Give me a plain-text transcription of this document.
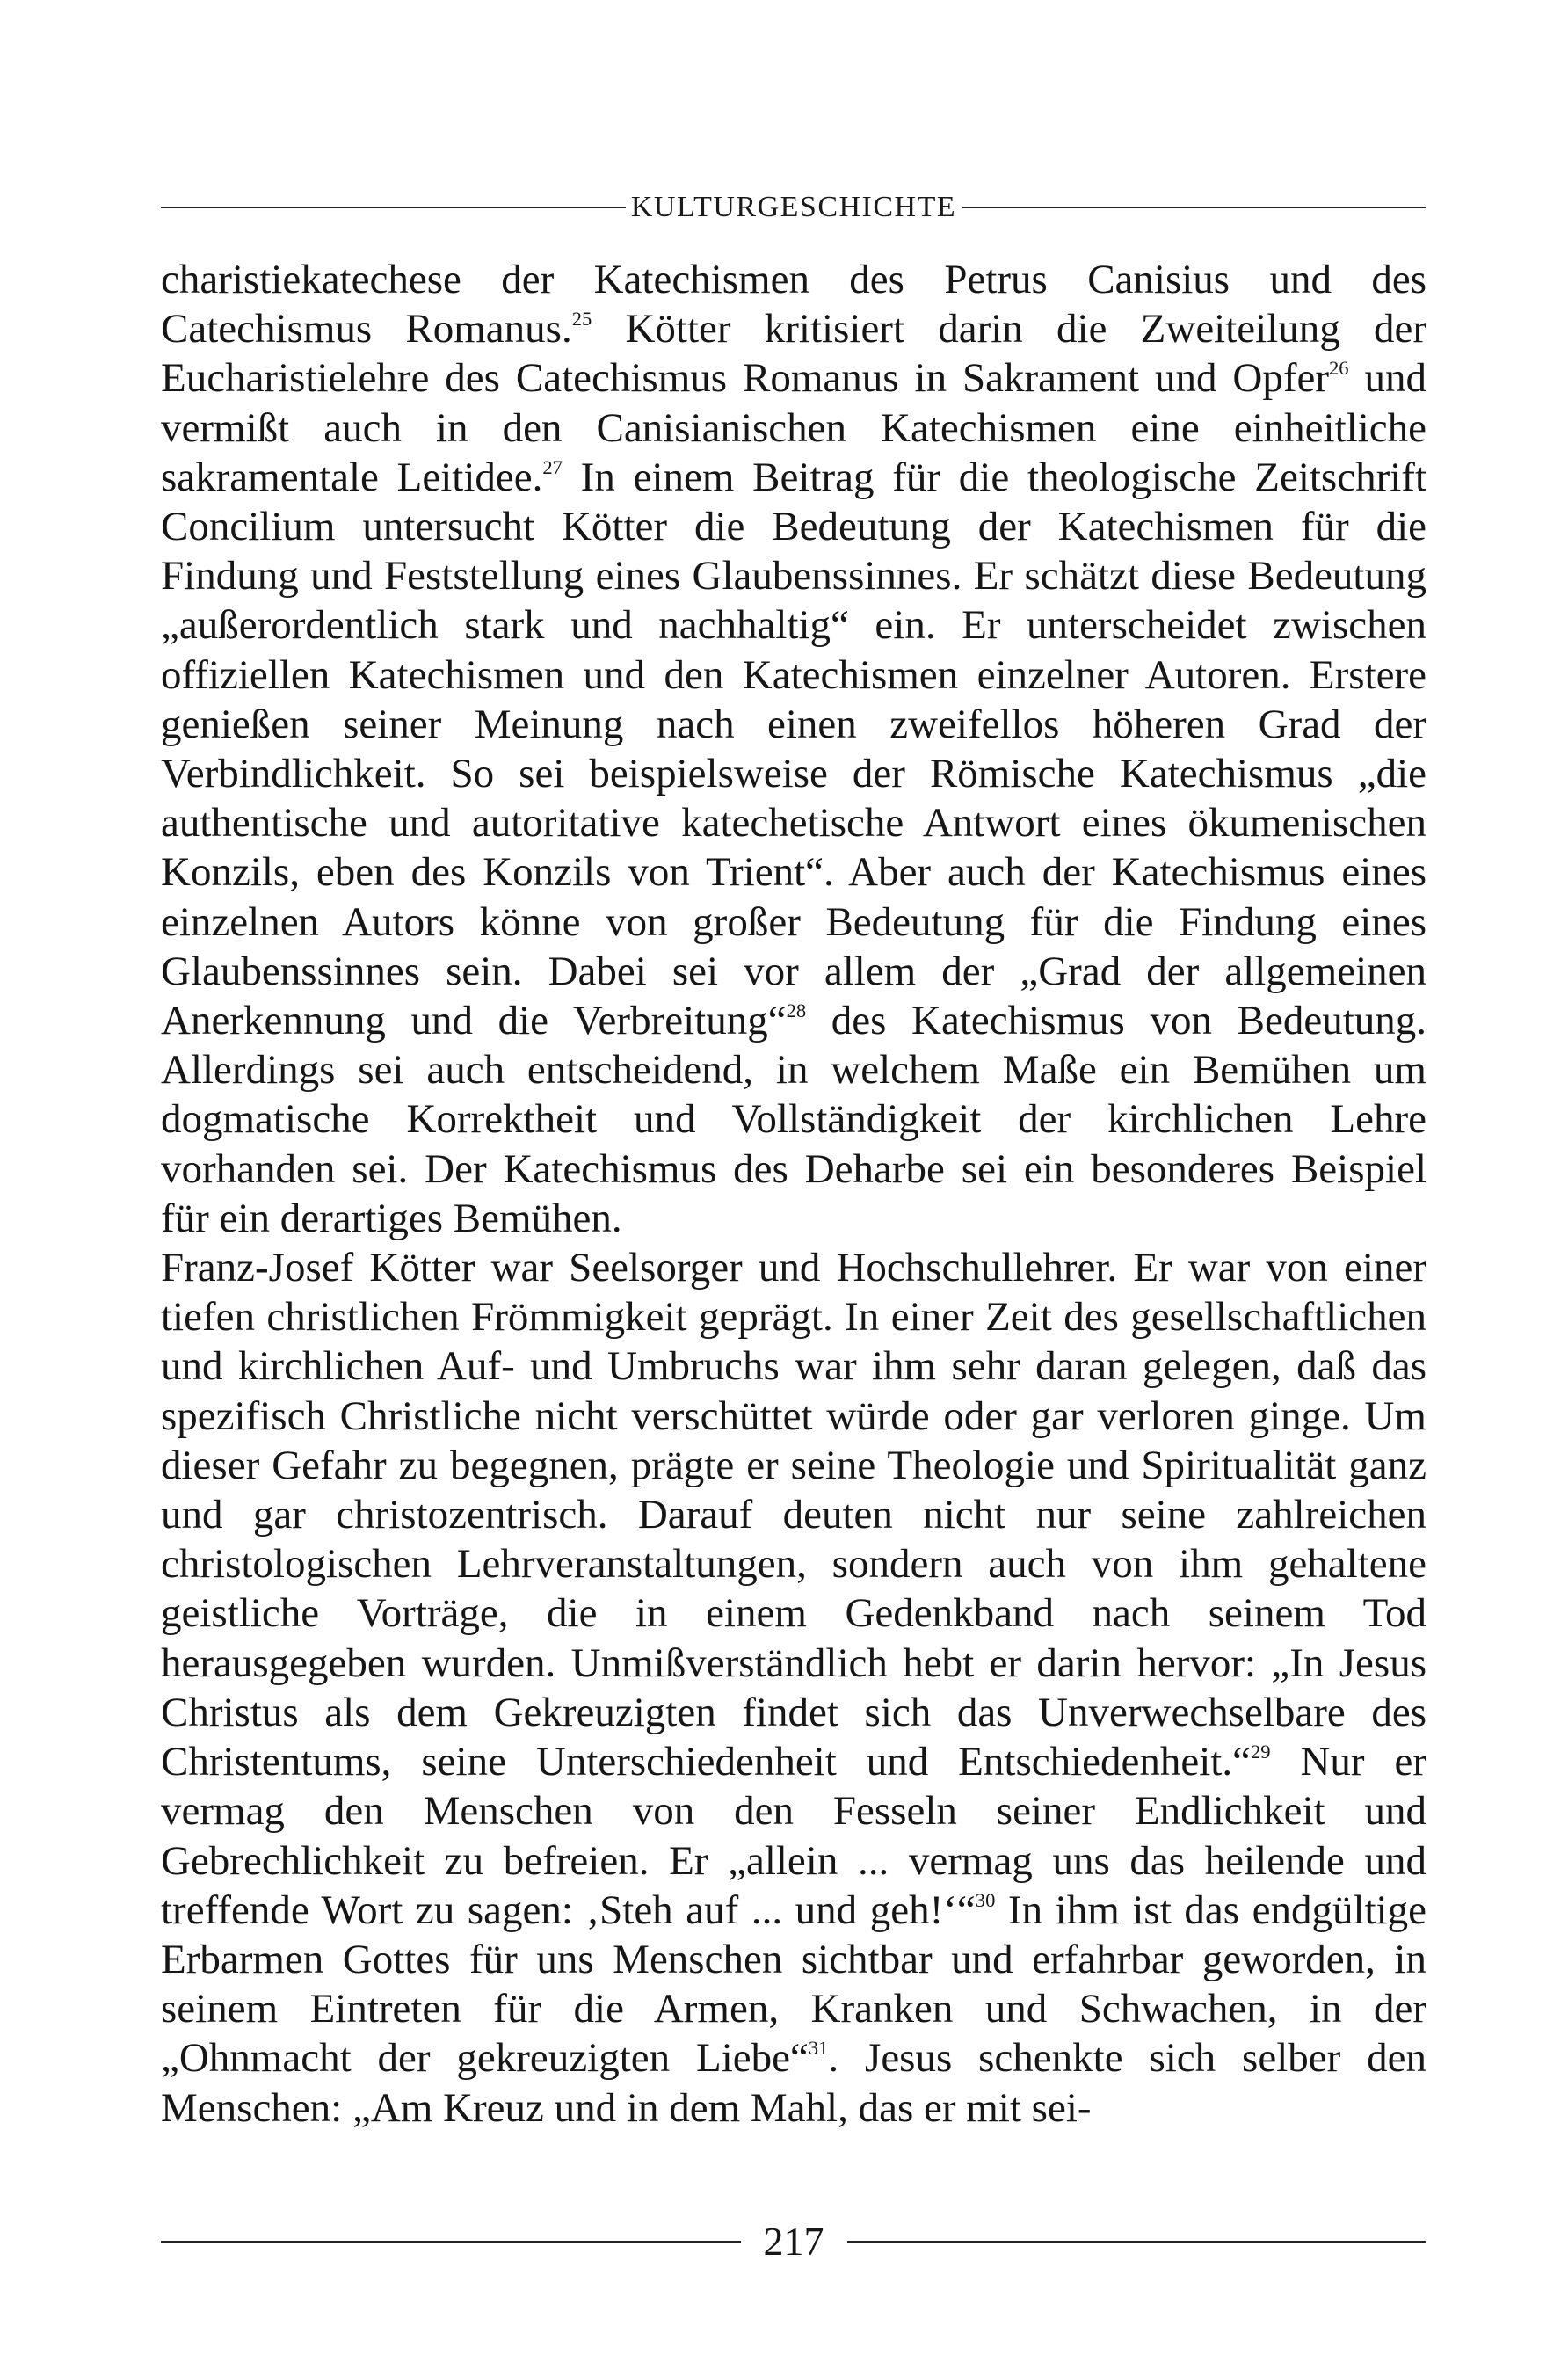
KULTURGESCHICHTE

charistiekatechese der Katechismen des Petrus Canisius und des Catechismus Romanus.$^{25}$ Kötter kritisiert darin die Zweiteilung der Eucharistielehre des Catechismus Romanus in Sakrament und Opfer$^{26}$ und vermißt auch in den Canisianischen Katechismen eine einheitliche sakramentale Leitidee.$^{27}$ In einem Beitrag für die theologische Zeitschrift Concilium untersucht Kötter die Bedeutung der Katechismen für die Findung und Feststellung eines Glaubenssinnes. Er schätzt diese Bedeutung „außerordentlich stark und nachhaltig“ ein. Er unterscheidet zwischen offiziellen Katechismen und den Katechismen einzelner Autoren. Erstere genießen seiner Meinung nach einen zweifellos höheren Grad der Verbindlichkeit. So sei beispielsweise der Römische Katechismus „die authentische und autoritative katechetische Antwort eines ökumenischen Konzils, eben des Konzils von Trient“. Aber auch der Katechismus eines einzelnen Autors könne von großer Bedeutung für die Findung eines Glaubenssinnes sein. Dabei sei vor allem der „Grad der allgemeinen Anerkennung und die Verbreitung“$^{28}$ des Katechismus von Bedeutung. Allerdings sei auch entscheidend, in welchem Maße ein Bemühen um dogmatische Korrektheit und Vollständigkeit der kirchlichen Lehre vorhanden sei. Der Katechismus des Deharbe sei ein besonderes Beispiel für ein derartiges Bemühen.

Franz-Josef Kötter war Seelsorger und Hochschullehrer. Er war von einer tiefen christlichen Frömmigkeit geprägt. In einer Zeit des gesellschaftlichen und kirchlichen Auf- und Umbruchs war ihm sehr daran gelegen, daß das spezifisch Christliche nicht verschüttet würde oder gar verloren ginge. Um dieser Gefahr zu begegnen, prägte er seine Theologie und Spiritualität ganz und gar christozentrisch. Darauf deuten nicht nur seine zahlreichen christologischen Lehrveranstaltungen, sondern auch von ihm gehaltene geistliche Vorträge, die in einem Gedenkband nach seinem Tod herausgegeben wurden. Unmißverständlich hebt er darin hervor: „In Jesus Christus als dem Gekreuzigten findet sich das Unverwechselbare des Christentums, seine Unterschiedenheit und Entschiedenheit.“$^{29}$ Nur er vermag den Menschen von den Fesseln seiner Endlichkeit und Gebrechlichkeit zu befreien. Er „allein ... vermag uns das heilende und treffende Wort zu sagen: ‚Steh auf ... und geh!‘“$^{30}$ In ihm ist das endgültige Erbarmen Gottes für uns Menschen sichtbar und erfahrbar geworden, in seinem Eintreten für die Armen, Kranken und Schwachen, in der „Ohnmacht der gekreuzigten Liebe“$^{31}$. Jesus schenkte sich selber den Menschen: „Am Kreuz und in dem Mahl, das er mit sei-

217
